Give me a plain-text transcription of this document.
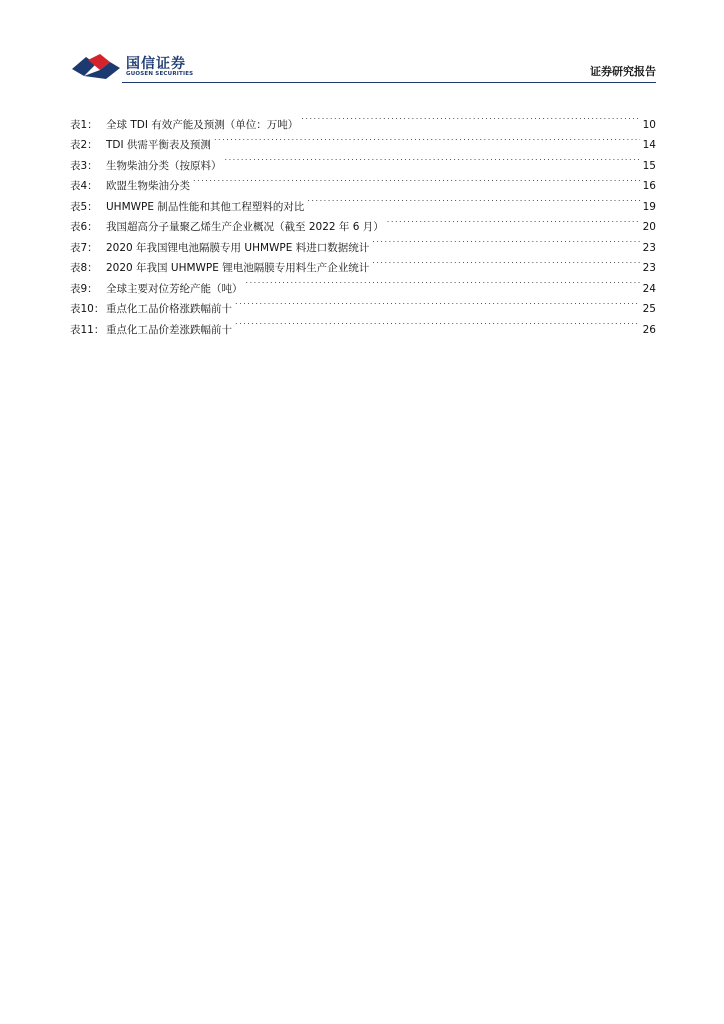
国信证券
GUOSEN SECURITIES	证券研究报告
表1： 全球 TDI 有效产能及预测（单位：万吨） . . .	10
表2： TDI 供需平衡表及预测 . . .	14
表3： 生物柴油分类（按原料） . . .	15
表4： 欧盟生物柴油分类 . . .	16
表5： UHMWPE 制品性能和其他工程塑料的对比 . . .	19
表6： 我国超高分子量聚乙烯生产企业概况（截至 2022 年 6 月） . . .	20
表7： 2020 年我国锂电池隔膜专用 UHMWPE 料进口数据统计 . . .	23
表8： 2020 年我国 UHMWPE 锂电池隔膜专用料生产企业统计 . . .	23
表9： 全球主要对位芳纶产能（吨） . . .	24
表10： 重点化工品价格涨跌幅前十 . . .	25
表11： 重点化工品价差涨跌幅前十 . . .	26
